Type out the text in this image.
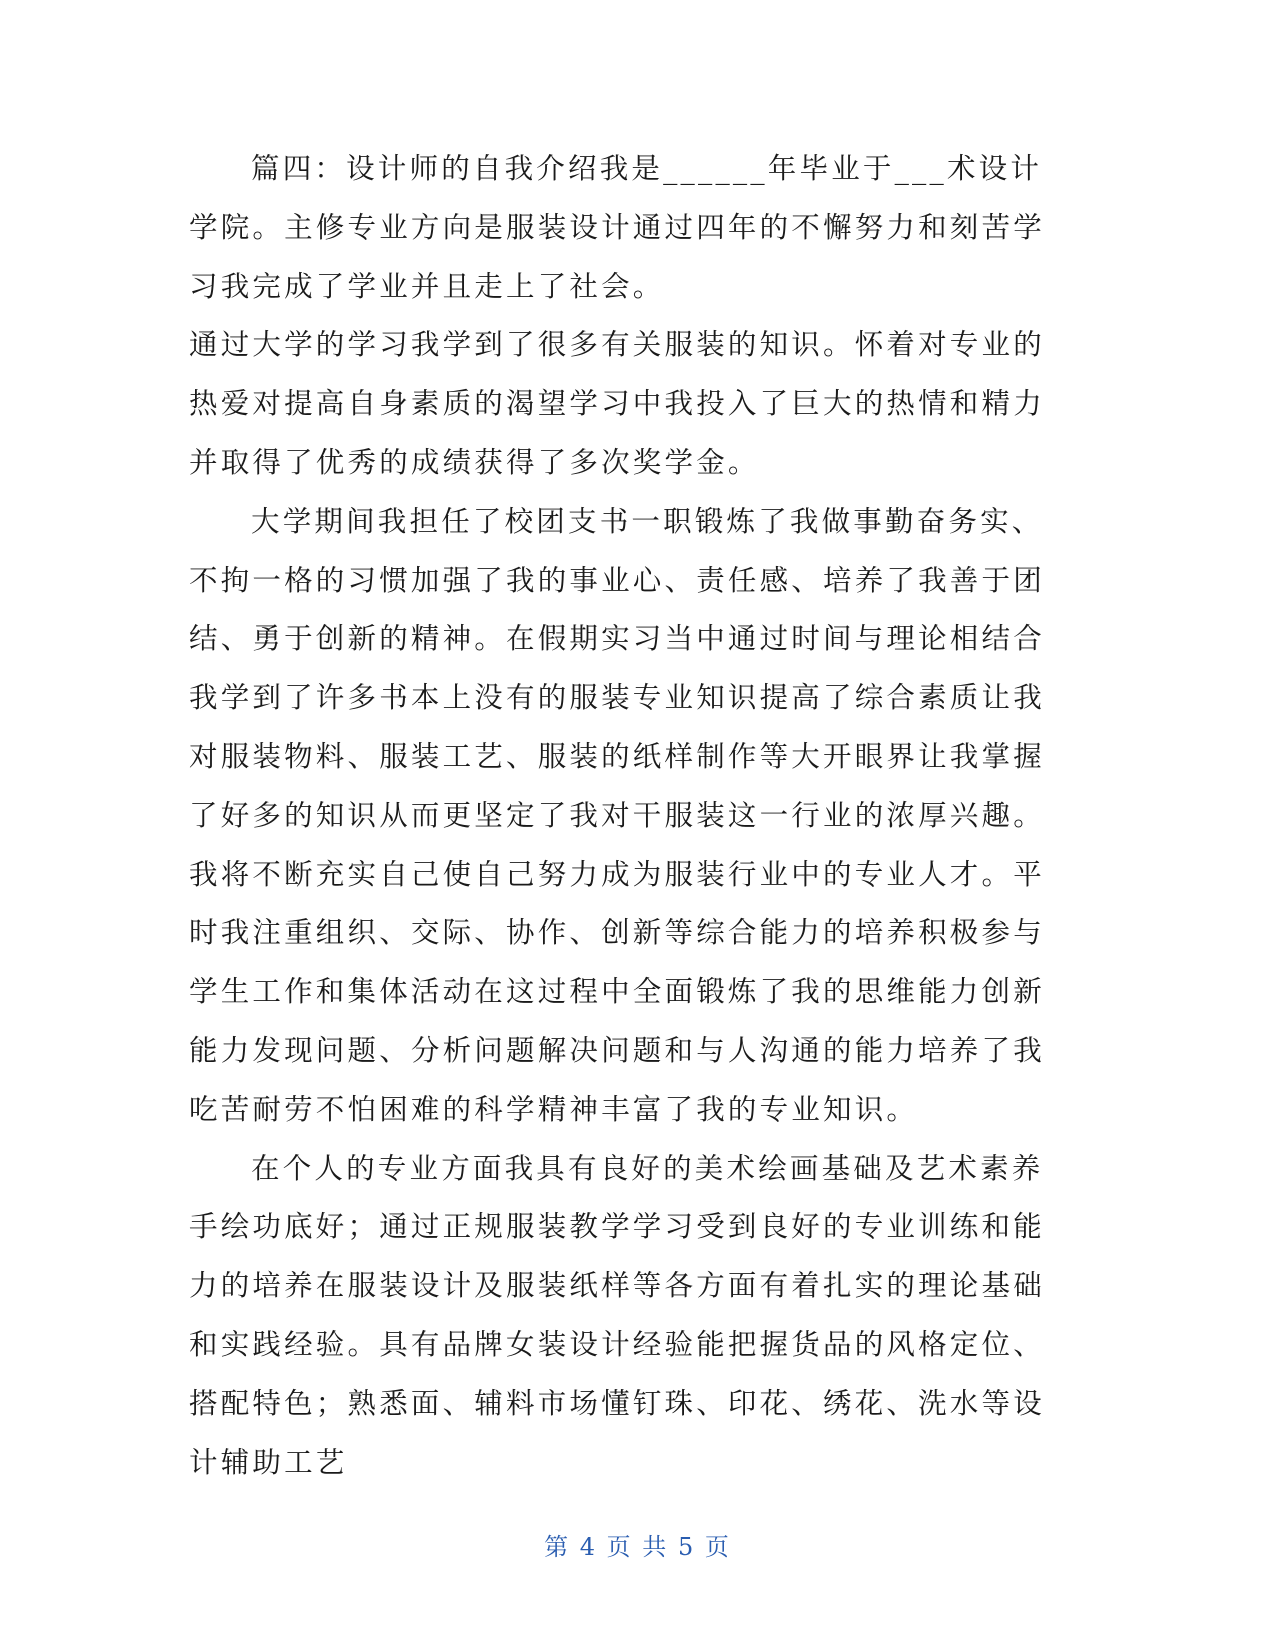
篇四：设计师的自我介绍我是______年毕业于___术设计学院。主修专业方向是服装设计通过四年的不懈努力和刻苦学习我完成了学业并且走上了社会。

通过大学的学习我学到了很多有关服装的知识。怀着对专业的热爱对提高自身素质的渴望学习中我投入了巨大的热情和精力并取得了优秀的成绩获得了多次奖学金。

大学期间我担任了校团支书一职锻炼了我做事勤奋务实、不拘一格的习惯加强了我的事业心、责任感、培养了我善于团结、勇于创新的精神。在假期实习当中通过时间与理论相结合我学到了许多书本上没有的服装专业知识提高了综合素质让我对服装物料、服装工艺、服装的纸样制作等大开眼界让我掌握了好多的知识从而更坚定了我对干服装这一行业的浓厚兴趣。我将不断充实自己使自己努力成为服装行业中的专业人才。平时我注重组织、交际、协作、创新等综合能力的培养积极参与学生工作和集体活动在这过程中全面锻炼了我的思维能力创新能力发现问题、分析问题解决问题和与人沟通的能力培养了我吃苦耐劳不怕困难的科学精神丰富了我的专业知识。

在个人的专业方面我具有良好的美术绘画基础及艺术素养手绘功底好；通过正规服装教学学习受到良好的专业训练和能力的培养在服装设计及服装纸样等各方面有着扎实的理论基础和实践经验。具有品牌女装设计经验能把握货品的风格定位、搭配特色；熟悉面、辅料市场懂钉珠、印花、绣花、洗水等设计辅助工艺

第 4 页 共 5 页
